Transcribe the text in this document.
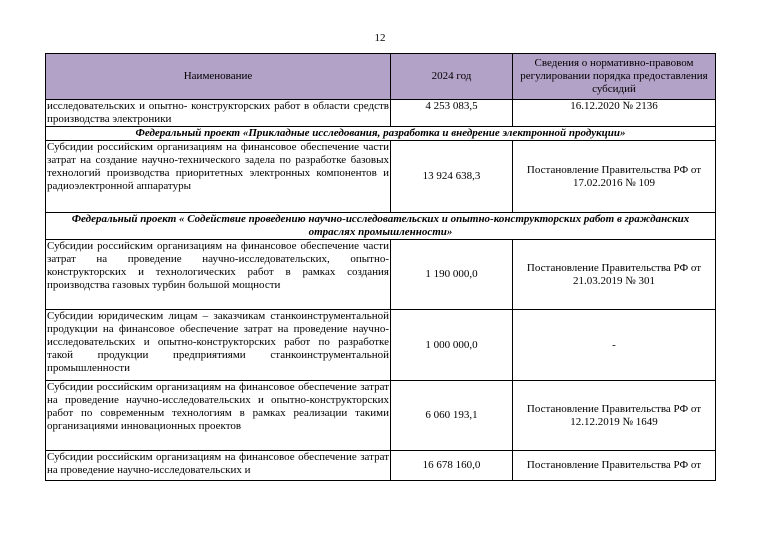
12
Наименование	2024 год	Сведения о нормативно-правовом регулировании порядка предоставления субсидий
исследовательских и опытно- конструкторских работ в области средств производства электроники	4 253 083,5	16.12.2020 № 2136
Федеральный проект «Прикладные исследования, разработка и внедрение электронной продукции»		
Субсидии российским организациям на финансовое обеспечение части затрат на создание научно-технического задела по разработке базовых технологий производства приоритетных электронных компонентов и радиоэлектронной аппаратуры	13 924 638,3	Постановление Правительства РФ от 17.02.2016 № 109
Федеральный проект « Содействие проведению научно-исследовательских и опытно-конструкторских работ в гражданских отраслях промышленности»		
Субсидии российским организациям на финансовое обеспечение части затрат на проведение научно-исследовательских, опытно-конструкторских и технологических работ в рамках создания производства газовых турбин большой мощности	1 190 000,0	Постановление Правительства РФ от 21.03.2019 № 301
Субсидии юридическим лицам – заказчикам станкоинструментальной продукции на финансовое обеспечение затрат на проведение научно-исследовательских и опытно-конструкторских работ по разработке такой продукции предприятиями станкоинструментальной промышленности	1 000 000,0	-
Субсидии российским организациям на финансовое обеспечение затрат на проведение научно-исследовательских и опытно-конструкторских работ по современным технологиям в рамках реализации такими организациями инновационных проектов	6 060 193,1	Постановление Правительства РФ от 12.12.2019 № 1649
Субсидии российским организациям на финансовое обеспечение затрат на проведение научно-исследовательских и	16 678 160,0	Постановление Правительства РФ от
